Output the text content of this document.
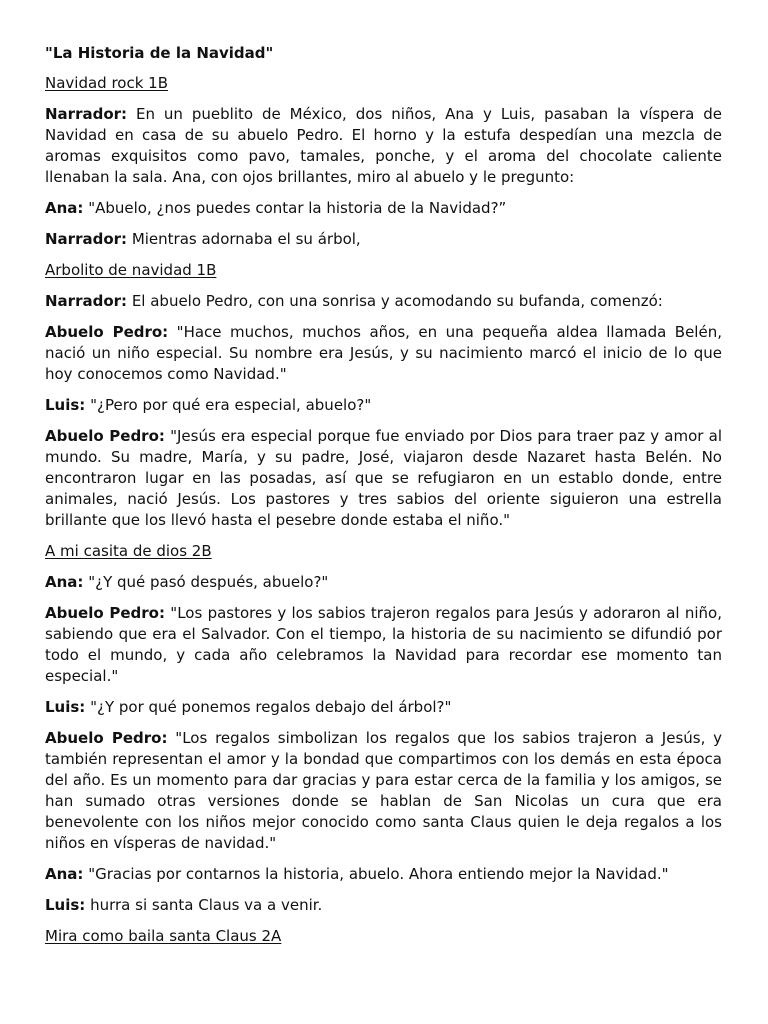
"La Historia de la Navidad"

Navidad rock 1B

Narrador: En un pueblito de México, dos niños, Ana y Luis, pasaban la víspera de Navidad en casa de su abuelo Pedro. El horno y la estufa despedían una mezcla de aromas exquisitos como pavo, tamales, ponche, y el aroma del chocolate caliente llenaban la sala. Ana, con ojos brillantes, miro al abuelo y le pregunto:

Ana: "Abuelo, ¿nos puedes contar la historia de la Navidad?”

Narrador: Mientras adornaba el su árbol,

Arbolito de navidad 1B

Narrador: El abuelo Pedro, con una sonrisa y acomodando su bufanda, comenzó:

Abuelo Pedro: "Hace muchos, muchos años, en una pequeña aldea llamada Belén, nació un niño especial. Su nombre era Jesús, y su nacimiento marcó el inicio de lo que hoy conocemos como Navidad."

Luis: "¿Pero por qué era especial, abuelo?"

Abuelo Pedro: "Jesús era especial porque fue enviado por Dios para traer paz y amor al mundo. Su madre, María, y su padre, José, viajaron desde Nazaret hasta Belén. No encontraron lugar en las posadas, así que se refugiaron en un establo donde, entre animales, nació Jesús. Los pastores y tres sabios del oriente siguieron una estrella brillante que los llevó hasta el pesebre donde estaba el niño."

A mi casita de dios 2B

Ana: "¿Y qué pasó después, abuelo?"

Abuelo Pedro: "Los pastores y los sabios trajeron regalos para Jesús y adoraron al niño, sabiendo que era el Salvador. Con el tiempo, la historia de su nacimiento se difundió por todo el mundo, y cada año celebramos la Navidad para recordar ese momento tan especial."

Luis: "¿Y por qué ponemos regalos debajo del árbol?"

Abuelo Pedro: "Los regalos simbolizan los regalos que los sabios trajeron a Jesús, y también representan el amor y la bondad que compartimos con los demás en esta época del año. Es un momento para dar gracias y para estar cerca de la familia y los amigos, se han sumado otras versiones donde se hablan de San Nicolas un cura que era benevolente con los niños mejor conocido como santa Claus quien le deja regalos a los niños en vísperas de navidad."

Ana: "Gracias por contarnos la historia, abuelo. Ahora entiendo mejor la Navidad."

Luis: hurra si santa Claus va a venir.

Mira como baila santa Claus 2A
